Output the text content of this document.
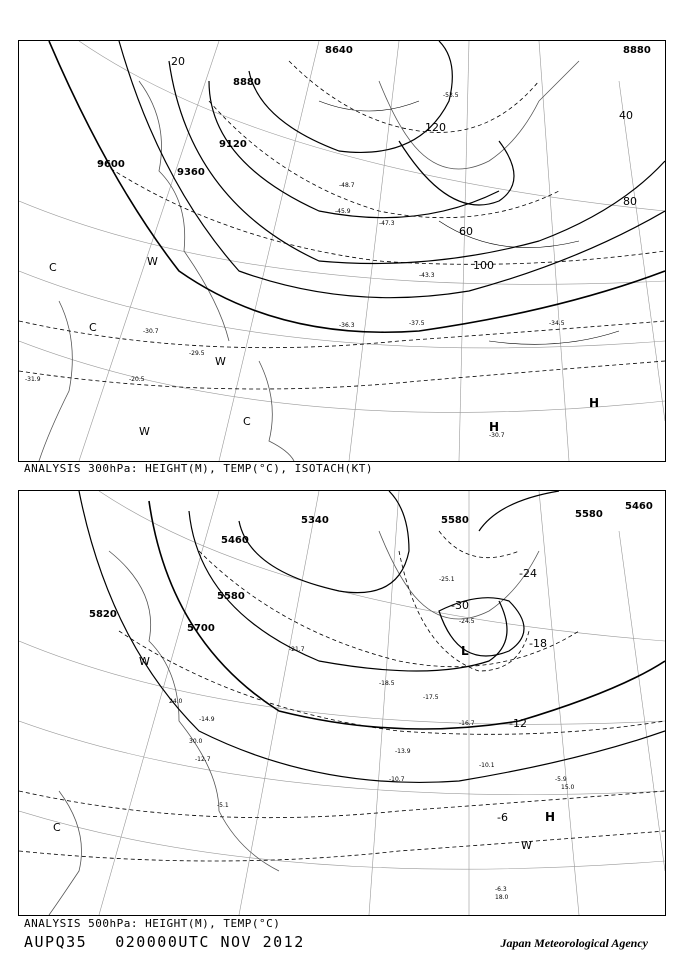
8640	8880
8880
9120
9360
9600
20
40
60
80
100
120
C
C
C
W
W
W
H
H
-47.3
-45.9
-43.3
-36.3	-37.5	-34.5
-30.7
-29.5
-48.7
-53.5
-31.9	-20.5
-30.7
ANALYSIS 300hPa: HEIGHT(M), TEMP(°C), ISOTACH(KT)
5340
5460
5580
5580
5460
5580
5700
5820
-6
-12
-18
-24
-30
L
H
W
W
C
-21.7
-18.5
-17.5
-16.7
-13.9
-10.7
-10.1
-5.9
-14.9
-12.7
-5.1
-25.1
-24.5
-6.3
18.0
15.0
24.0
30.0
ANALYSIS 500hPa: HEIGHT(M), TEMP(°C)
AUPQ35 020000UTC NOV 2012	Japan Meteorological Agency
